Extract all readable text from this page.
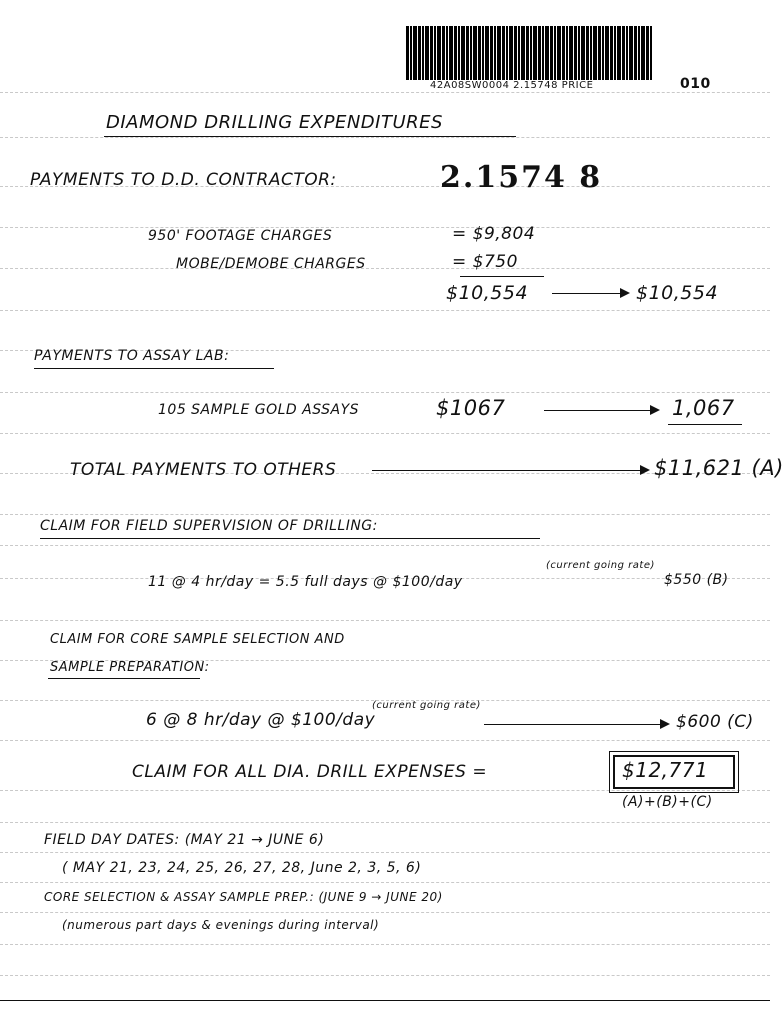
42A08SW0004 2.15748 PRICE	010
DIAMOND DRILLING EXPENDITURES
PAYMENTS TO D.D. CONTRACTOR:	2.1574 8
950' FOOTAGE CHARGES	= $9,804
MOBE/DEMOBE CHARGES	= $750
$10,554	$10,554
PAYMENTS TO ASSAY LAB:
105 SAMPLE GOLD ASSAYS	$1067	1,067
TOTAL PAYMENTS TO OTHERS	$11,621 (A)
CLAIM FOR FIELD SUPERVISION OF DRILLING:
11 @ 4 hr/day = 5.5 full days @ $100/day
(current going rate)
$550 (B)
CLAIM FOR CORE SAMPLE SELECTION AND
SAMPLE PREPARATION:
6 @ 8 hr/day @ $100/day
(current going rate)
$600 (C)
CLAIM FOR ALL DIA. DRILL EXPENSES =	$12,771
(A)+(B)+(C)
FIELD DAY DATES: (MAY 21 → JUNE 6)
( MAY 21, 23, 24, 25, 26, 27, 28, June 2, 3, 5, 6)
CORE SELECTION & ASSAY SAMPLE PREP.: (JUNE 9 → JUNE 20)
(numerous part days & evenings during interval)
